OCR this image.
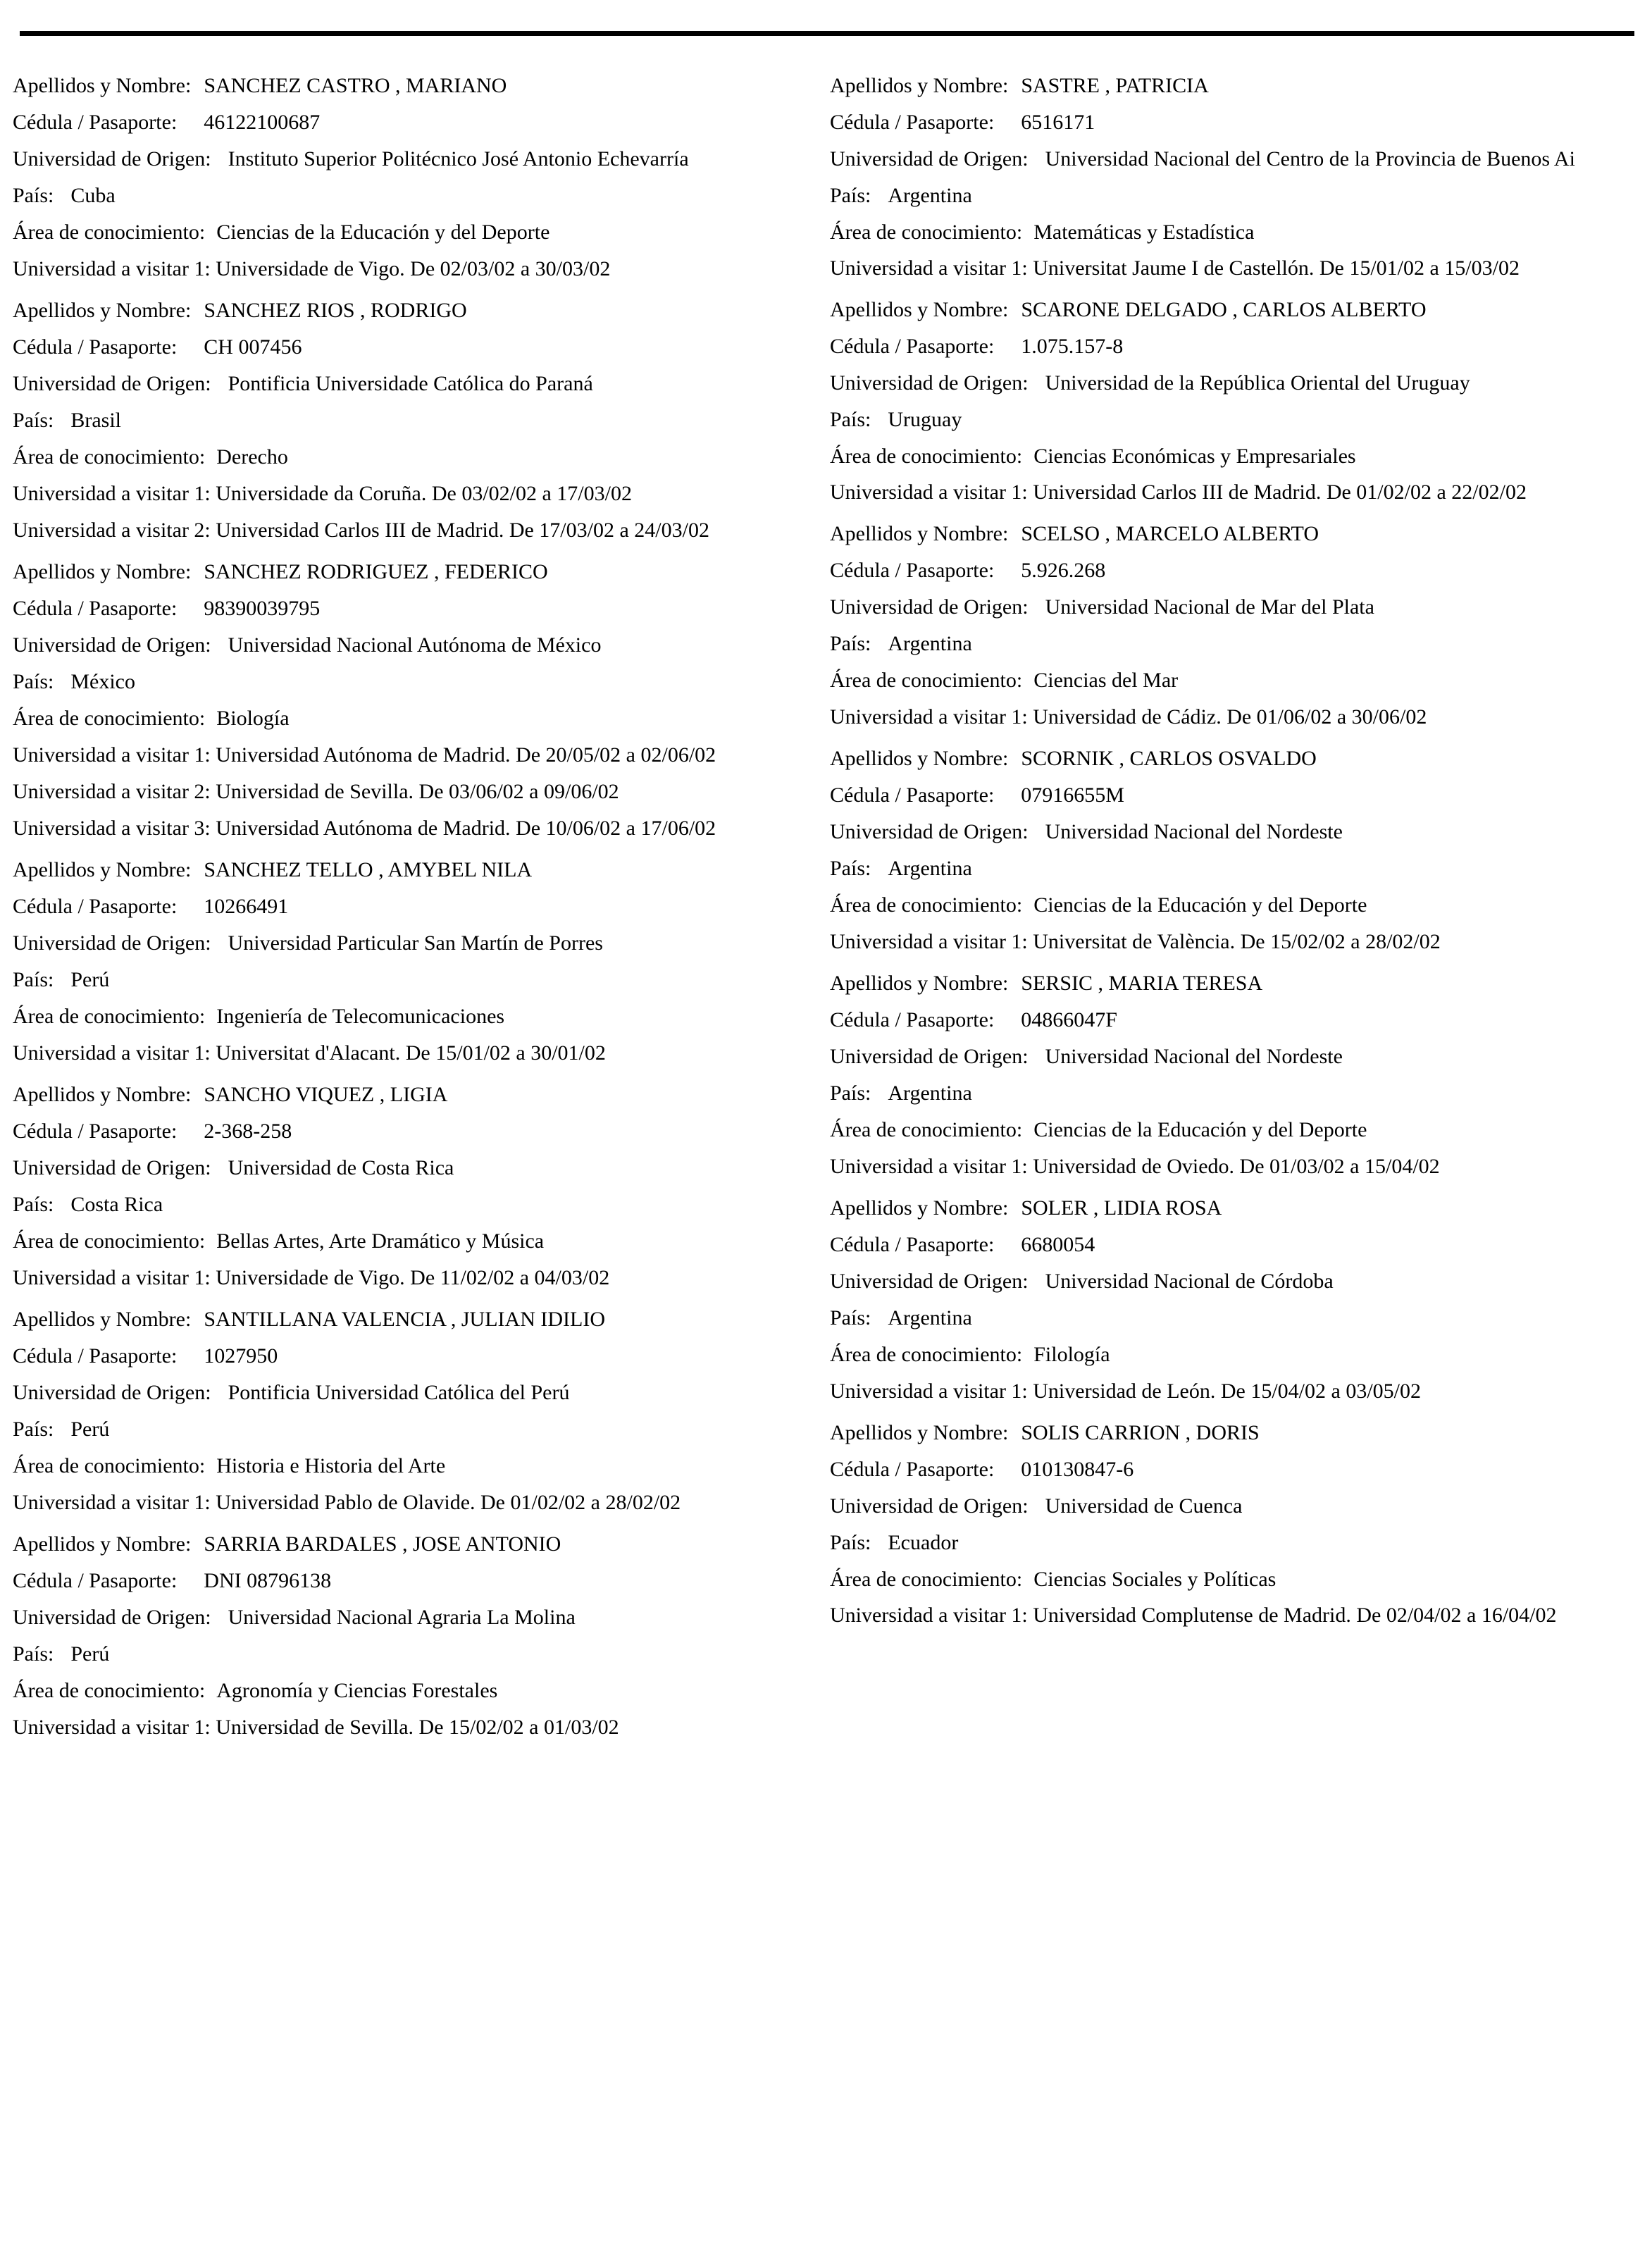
Apellidos y Nombre: SANCHEZ CASTRO , MARIANO
Cédula / Pasaporte: 46122100687
Universidad de Origen: Instituto Superior Politécnico José Antonio Echevarría
País: Cuba
Área de conocimiento: Ciencias de la Educación y del Deporte
Universidad a visitar 1: Universidade de Vigo. De 02/03/02 a 30/03/02
Apellidos y Nombre: SANCHEZ RIOS , RODRIGO
Cédula / Pasaporte: CH 007456
Universidad de Origen: Pontificia Universidade Católica do Paraná
País: Brasil
Área de conocimiento: Derecho
Universidad a visitar 1: Universidade da Coruña. De 03/02/02 a 17/03/02
Universidad a visitar 2: Universidad Carlos III de Madrid. De 17/03/02 a 24/03/02
Apellidos y Nombre: SANCHEZ RODRIGUEZ , FEDERICO
Cédula / Pasaporte: 98390039795
Universidad de Origen: Universidad Nacional Autónoma de México
País: México
Área de conocimiento: Biología
Universidad a visitar 1: Universidad Autónoma de Madrid. De 20/05/02 a 02/06/02
Universidad a visitar 2: Universidad de Sevilla. De 03/06/02 a 09/06/02
Universidad a visitar 3: Universidad Autónoma de Madrid. De 10/06/02 a 17/06/02
Apellidos y Nombre: SANCHEZ TELLO , AMYBEL NILA
Cédula / Pasaporte: 10266491
Universidad de Origen: Universidad Particular San Martín de Porres
País: Perú
Área de conocimiento: Ingeniería de Telecomunicaciones
Universidad a visitar 1: Universitat d'Alacant. De 15/01/02 a 30/01/02
Apellidos y Nombre: SANCHO VIQUEZ , LIGIA
Cédula / Pasaporte: 2-368-258
Universidad de Origen: Universidad de Costa Rica
País: Costa Rica
Área de conocimiento: Bellas Artes, Arte Dramático y Música
Universidad a visitar 1: Universidade de Vigo. De 11/02/02 a 04/03/02
Apellidos y Nombre: SANTILLANA VALENCIA , JULIAN IDILIO
Cédula / Pasaporte: 1027950
Universidad de Origen: Pontificia Universidad Católica del Perú
País: Perú
Área de conocimiento: Historia e Historia del Arte
Universidad a visitar 1: Universidad Pablo de Olavide. De 01/02/02 a 28/02/02
Apellidos y Nombre: SARRIA BARDALES , JOSE ANTONIO
Cédula / Pasaporte: DNI 08796138
Universidad de Origen: Universidad Nacional Agraria La Molina
País: Perú
Área de conocimiento: Agronomía y Ciencias Forestales
Universidad a visitar 1: Universidad de Sevilla. De 15/02/02 a 01/03/02
Apellidos y Nombre: SASTRE , PATRICIA
Cédula / Pasaporte: 6516171
Universidad de Origen: Universidad Nacional del Centro de la Provincia de Buenos Ai
País: Argentina
Área de conocimiento: Matemáticas y Estadística
Universidad a visitar 1: Universitat Jaume I de Castellón. De 15/01/02 a 15/03/02
Apellidos y Nombre: SCARONE DELGADO , CARLOS ALBERTO
Cédula / Pasaporte: 1.075.157-8
Universidad de Origen: Universidad de la República Oriental del Uruguay
País: Uruguay
Área de conocimiento: Ciencias Económicas y Empresariales
Universidad a visitar 1: Universidad Carlos III de Madrid. De 01/02/02 a 22/02/02
Apellidos y Nombre: SCELSO , MARCELO ALBERTO
Cédula / Pasaporte: 5.926.268
Universidad de Origen: Universidad Nacional de Mar del Plata
País: Argentina
Área de conocimiento: Ciencias del Mar
Universidad a visitar 1: Universidad de Cádiz. De 01/06/02 a 30/06/02
Apellidos y Nombre: SCORNIK , CARLOS OSVALDO
Cédula / Pasaporte: 07916655M
Universidad de Origen: Universidad Nacional del Nordeste
País: Argentina
Área de conocimiento: Ciencias de la Educación y del Deporte
Universidad a visitar 1: Universitat de València. De 15/02/02 a 28/02/02
Apellidos y Nombre: SERSIC , MARIA TERESA
Cédula / Pasaporte: 04866047F
Universidad de Origen: Universidad Nacional del Nordeste
País: Argentina
Área de conocimiento: Ciencias de la Educación y del Deporte
Universidad a visitar 1: Universidad de Oviedo. De 01/03/02 a 15/04/02
Apellidos y Nombre: SOLER , LIDIA ROSA
Cédula / Pasaporte: 6680054
Universidad de Origen: Universidad Nacional de Córdoba
País: Argentina
Área de conocimiento: Filología
Universidad a visitar 1: Universidad de León. De 15/04/02 a 03/05/02
Apellidos y Nombre: SOLIS CARRION , DORIS
Cédula / Pasaporte: 010130847-6
Universidad de Origen: Universidad de Cuenca
País: Ecuador
Área de conocimiento: Ciencias Sociales y Políticas
Universidad a visitar 1: Universidad Complutense de Madrid. De 02/04/02 a 16/04/02
